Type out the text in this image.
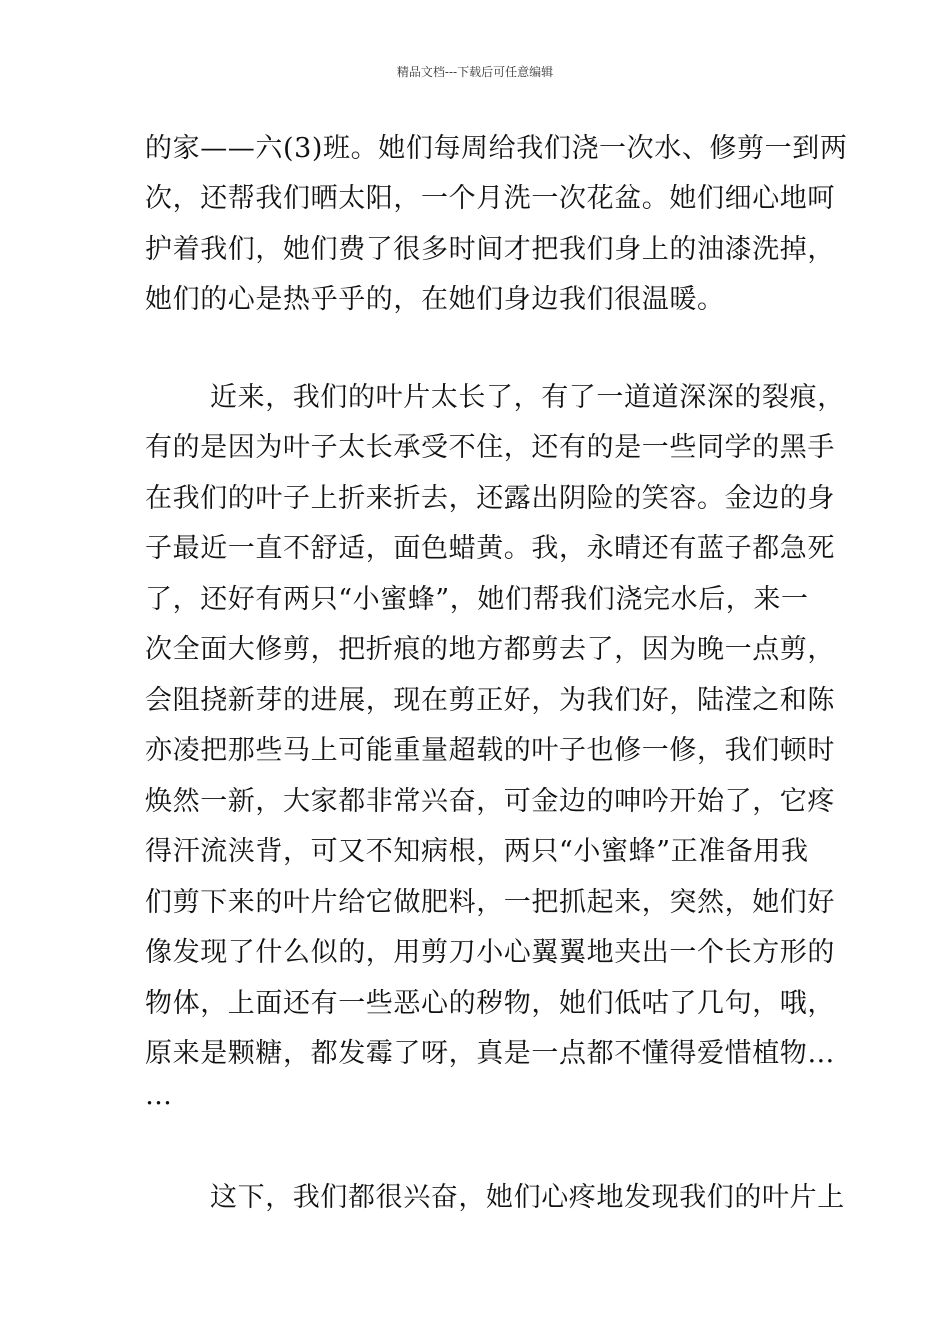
精品文档---下载后可任意编辑
的家——六(3)班。她们每周给我们浇一次水、修剪一到两
次，还帮我们晒太阳，一个月洗一次花盆。她们细心地呵
护着我们，她们费了很多时间才把我们身上的油漆洗掉，
她们的心是热乎乎的，在她们身边我们很温暖。
近来，我们的叶片太长了，有了一道道深深的裂痕，
有的是因为叶子太长承受不住，还有的是一些同学的黑手
在我们的叶子上折来折去，还露出阴险的笑容。金边的身
子最近一直不舒适，面色蜡黄。我，永晴还有蓝子都急死
了，还好有两只“小蜜蜂”，她们帮我们浇完水后，来一
次全面大修剪，把折痕的地方都剪去了，因为晚一点剪，
会阻挠新芽的进展，现在剪正好，为我们好，陆滢之和陈
亦凌把那些马上可能重量超载的叶子也修一修，我们顿时
焕然一新，大家都非常兴奋，可金边的呻吟开始了，它疼
得汗流浃背，可又不知病根，两只“小蜜蜂”正准备用我
们剪下来的叶片给它做肥料，一把抓起来，突然，她们好
像发现了什么似的，用剪刀小心翼翼地夹出一个长方形的
物体，上面还有一些恶心的秽物，她们低咕了几句，哦，
原来是颗糖，都发霉了呀，真是一点都不懂得爱惜植物…
…
这下，我们都很兴奋，她们心疼地发现我们的叶片上
